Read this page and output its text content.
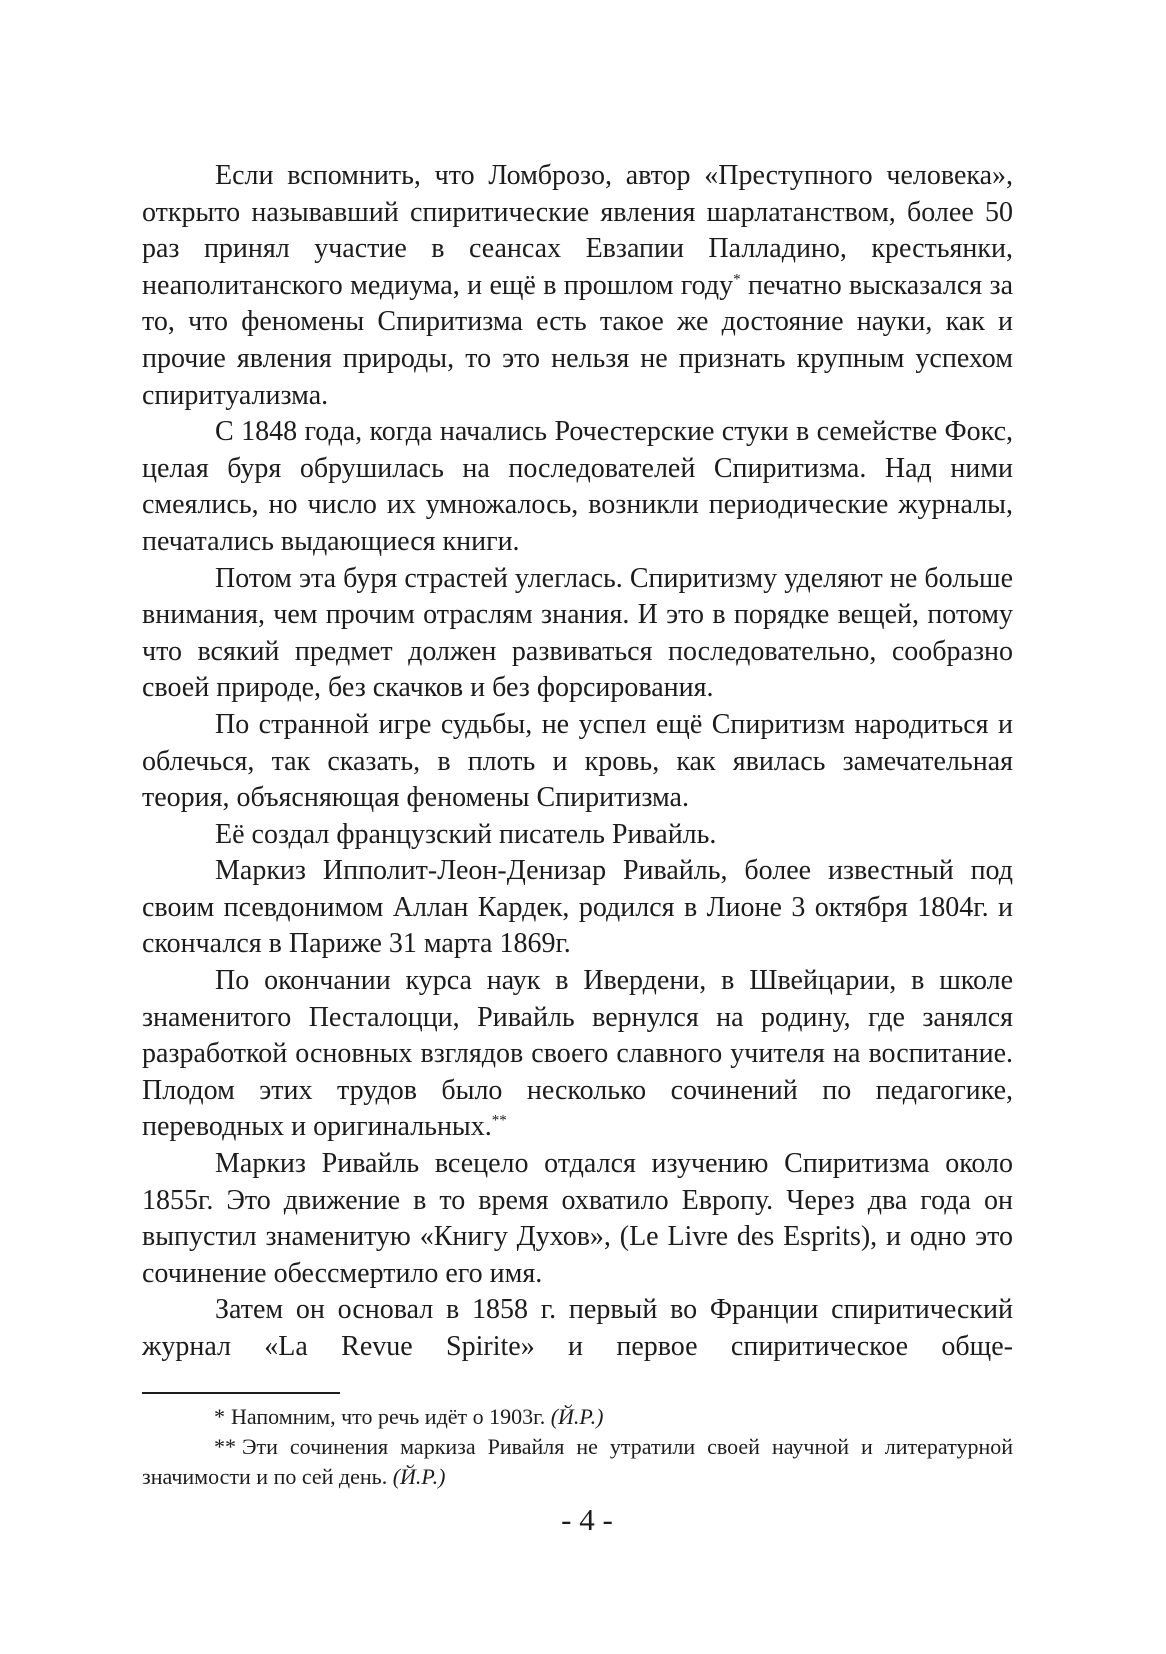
Если вспомнить, что Ломброзо, автор «Преступного человека», открыто называвший спиритические явления шарлатанством, более 50 раз принял участие в сеансах Евзапии Палладино, крестьянки, неаполитанского медиума, и ещё в прошлом году* печатно высказался за то, что феномены Спиритизма есть такое же достояние науки, как и прочие явления природы, то это нельзя не признать крупным успехом спиритуализма.

С 1848 года, когда начались Рочестерские стуки в семействе Фокс, целая буря обрушилась на последователей Спиритизма. Над ними смеялись, но число их умножалось, возникли периодические журналы, печатались выдающиеся книги.

Потом эта буря страстей улеглась. Спиритизму уделяют не больше внимания, чем прочим отраслям знания. И это в порядке вещей, потому что всякий предмет должен развиваться последовательно, сообразно своей природе, без скачков и без форсирования.

По странной игре судьбы, не успел ещё Спиритизм народиться и облечься, так сказать, в плоть и кровь, как явилась замечательная теория, объясняющая феномены Спиритизма.

Её создал французский писатель Ривайль.

Маркиз Ипполит-Леон-Денизар Ривайль, более известный под своим псевдонимом Аллан Кардек, родился в Лионе 3 октября 1804г. и скончался в Париже 31 марта 1869г.

По окончании курса наук в Ивердени, в Швейцарии, в школе знаменитого Песталоцци, Ривайль вернулся на родину, где занялся разработкой основных взглядов своего славного учителя на воспитание. Плодом этих трудов было несколько сочинений по педагогике, переводных и оригинальных.**

Маркиз Ривайль всецело отдался изучению Спиритизма около 1855г. Это движение в то время охватило Европу. Через два года он выпустил знаменитую «Книгу Духов», (Le Livre des Esprits), и одно это сочинение обессмертило его имя.

Затем он основал в 1858 г. первый во Франции спиритический журнал «La Revue Spirite» и первое спиритическое обще-

* Напомним, что речь идёт о 1903г. (Й.Р.)

** Эти сочинения маркиза Ривайля не утратили своей научной и литературной значимости и по сей день. (Й.Р.)

- 4 -
